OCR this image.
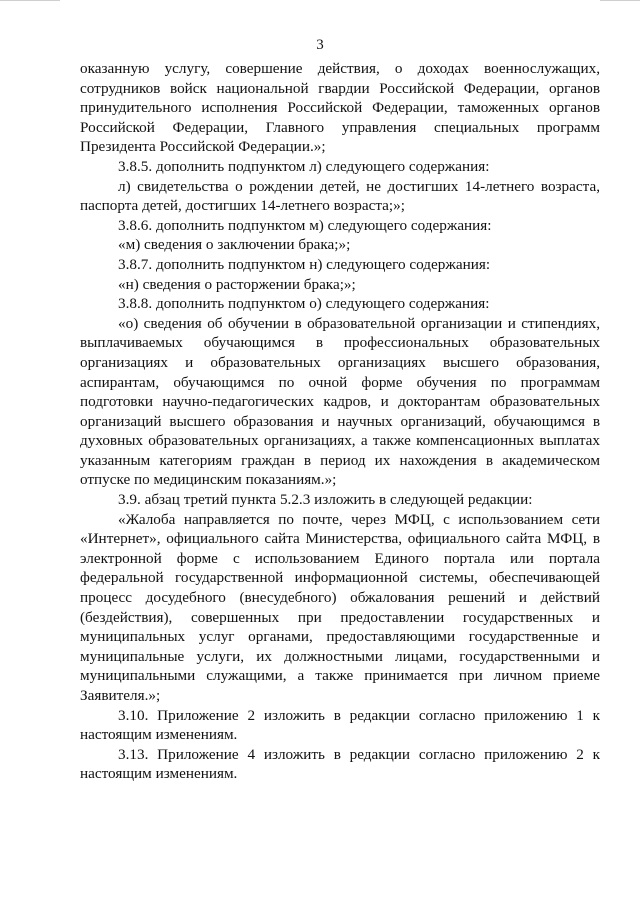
3

оказанную услугу, совершение действия, о доходах военнослужащих, сотрудников войск национальной гвардии Российской Федерации, органов принудительного исполнения Российской Федерации, таможенных органов Российской Федерации, Главного управления специальных программ Президента Российской Федерации.»;

3.8.5. дополнить подпунктом л) следующего содержания:

л) свидетельства о рождении детей, не достигших 14-летнего возраста, паспорта детей, достигших 14-летнего возраста;»;

3.8.6. дополнить подпунктом м) следующего содержания:

«м) сведения о заключении брака;»;

3.8.7. дополнить подпунктом н) следующего содержания:

«н) сведения о расторжении брака;»;

3.8.8. дополнить подпунктом о) следующего содержания:

«о) сведения об обучении в образовательной организации и стипендиях, выплачиваемых обучающимся в профессиональных образовательных организациях и образовательных организациях высшего образования, аспирантам, обучающимся по очной форме обучения по программам подготовки научно-педагогических кадров, и докторантам образовательных организаций высшего образования и научных организаций, обучающимся в духовных образовательных организациях, а также компенсационных выплатах указанным категориям граждан в период их нахождения в академическом отпуске по медицинским показаниям.»;

3.9. абзац третий пункта 5.2.3 изложить в следующей редакции:

«Жалоба направляется по почте, через МФЦ, с использованием сети «Интернет», официального сайта Министерства, официального сайта МФЦ, в электронной форме с использованием Единого портала или портала федеральной государственной информационной системы, обеспечивающей процесс досудебного (внесудебного) обжалования решений и действий (бездействия), совершенных при предоставлении государственных и муниципальных услуг органами, предоставляющими государственные и муниципальные услуги, их должностными лицами, государственными и муниципальными служащими, а также принимается при личном приеме Заявителя.»;

3.10. Приложение 2 изложить в редакции согласно приложению 1 к настоящим изменениям.

3.13. Приложение 4 изложить в редакции согласно приложению 2 к настоящим изменениям.
